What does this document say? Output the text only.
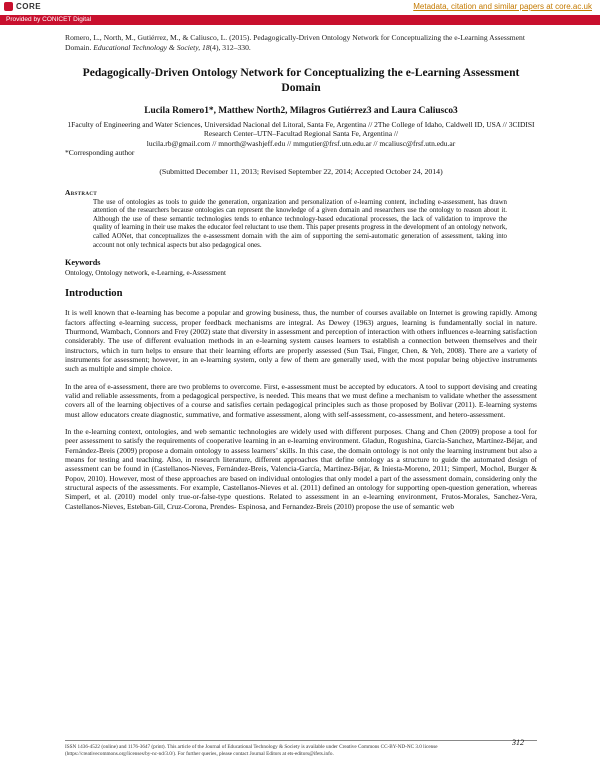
CORE	Metadata, citation and similar papers at core.ac.uk
Provided by CONICET Digital
Romero, L., North, M., Gutiérrez, M., & Caliusco, L. (2015). Pedagogically-Driven Ontology Network for Conceptualizing the e-Learning Assessment Domain. Educational Technology & Society, 18(4), 312–330.
Pedagogically-Driven Ontology Network for Conceptualizing the e-Learning Assessment Domain
Lucila Romero1*, Matthew North2, Milagros Gutiérrez3 and Laura Caliusco3
1Faculty of Engineering and Water Sciences, Universidad Nacional del Litoral, Santa Fe, Argentina // 2The College of Idaho, Caldwell ID, USA // 3CIDISI Research Center–UTN–Facultad Regional Santa Fe, Argentina //
lucila.rb@gmail.com // mnorth@washjeff.edu // mmgutier@frsf.utn.edu.ar // mcaliusc@frsf.utn.edu.ar
*Corresponding author
(Submitted December 11, 2013; Revised September 22, 2014; Accepted October 24, 2014)
Abstract
The use of ontologies as tools to guide the generation, organization and personalization of e-learning content, including e-assessment, has drawn attention of the researchers because ontologies can represent the knowledge of a given domain and researchers use the ontology to reason about it. Although the use of these semantic technologies tends to enhance technology-based educational processes, the lack of validation to improve the quality of learning in their use makes the educator feel reluctant to use them. This paper presents progress in the development of an ontology network, called AONet, that conceptualizes the e-assessment domain with the aim of supporting the semi-automatic generation of assessment, taking into account not only technical aspects but also pedagogical ones.
Keywords
Ontology, Ontology network, e-Learning, e-Assessment
Introduction
It is well known that e-learning has become a popular and growing business, thus, the number of courses available on Internet is growing rapidly. Among factors affecting e-learning success, proper feedback mechanisms are integral. As Dewey (1963) argues, learning is fundamentally social in nature. Thurmond, Wambach, Connors and Frey (2002) state that diversity in assessment and perception of interaction with others influences e-learning satisfaction considerably. The use of different evaluation methods in an e-learning system causes learners to establish a connection between themselves and their instructors, which in turn helps to ensure that their learning efforts are properly assessed (Sun Tsai, Finger, Chen, & Yeh, 2008). There are a variety of instruments for assessment; however, in an e-learning system, only a few of them are generally used, with the most popular being objective instruments such as multiple and simple choice.
In the area of e-assessment, there are two problems to overcome. First, e-assessment must be accepted by educators. A tool to support devising and creating valid and reliable assessments, from a pedagogical perspective, is needed. This means that we must define a mechanism to validate whether the assessment covers all of the learning objectives of a course and satisfies certain pedagogical principles such as those proposed by Bolivar (2011). E-learning systems must allow educators create diagnostic, summative, and formative assessment, along with self-assessment, co-assessment, and hetero-assessment.
In the e-learning context, ontologies, and web semantic technologies are widely used with different purposes. Chang and Chen (2009) propose a tool for peer assessment to satisfy the requirements of cooperative learning in an e-learning environment. Gladun, Rogushina, García-Sanchez, Martínez-Béjar, and Fernández-Breis (2009) propose a domain ontology to assess learners’ skills. In this case, the domain ontology is not only the learning instrument but also a means for testing and teaching. Also, in research literature, different approaches that define ontology as a structure to guide the automated design of assessment can be found in (Castellanos-Nieves, Fernández-Breis, Valencia-García, Martínez-Béjar, & Iniesta-Moreno, 2011; Simperl, Mochol, Burger & Popov, 2010). However, most of these approaches are based on individual ontologies that only model a part of the assessment domain, considering only the structural aspects of the assessments. For example, Castellanos-Nieves et al. (2011) defined an ontology for supporting open-question generation, whereas Simperl, et al. (2010) model only true-or-false-type questions. Related to assessment in an e-learning environment, Frutos-Morales, Sanchez-Vera, Castellanos-Nieves, Esteban-Gil, Cruz-Corona, Prendes- Espinosa, and Fernandez-Breis (2010) propose the use of semantic web
ISSN 1436-4522 (online) and 1176-3647 (print). This article of the Journal of Educational Technology & Society is available under Creative Commons CC-BY-ND-NC 3.0 license (https://creativecommons.org/licenses/by-nc-nd/3.0/). For further queries, please contact Journal Editors at ets-editors@ifets.info.
312
